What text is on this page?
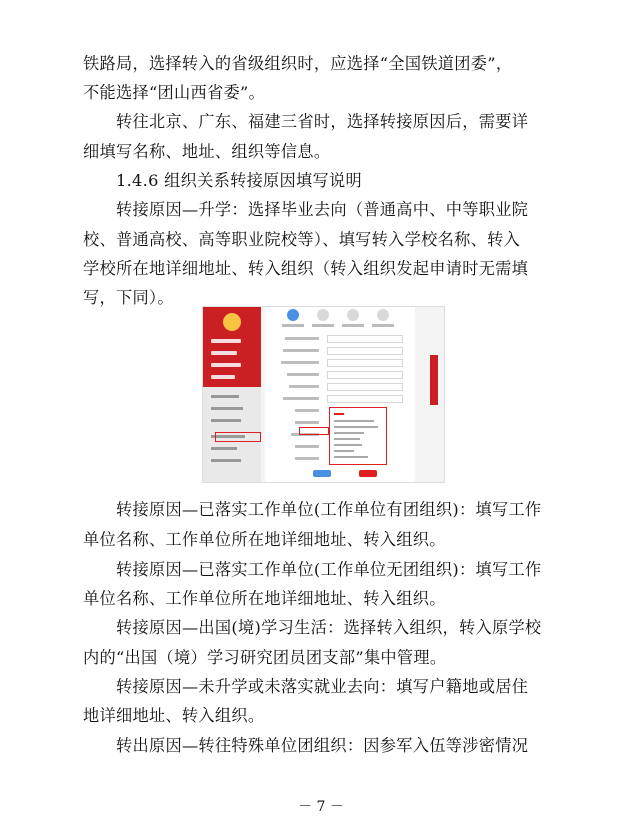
铁路局，选择转入的省级组织时，应选择“全国铁道团委”，
不能选择“团山西省委”。
转往北京、广东、福建三省时，选择转接原因后，需要详
细填写名称、地址、组织等信息。
1.4.6 组织关系转接原因填写说明
转接原因—升学：选择毕业去向（普通高中、中等职业院
校、普通高校、高等职业院校等）、填写转入学校名称、转入
学校所在地详细地址、转入组织（转入组织发起申请时无需填
写，下同）。
转接原因—已落实工作单位(工作单位有团组织)：填写工作
单位名称、工作单位所在地详细地址、转入组织。
转接原因—已落实工作单位(工作单位无团组织)：填写工作
单位名称、工作单位所在地详细地址、转入组织。
转接原因—出国(境)学习生活：选择转入组织，转入原学校
内的“出国（境）学习研究团员团支部”集中管理。
转接原因—未升学或未落实就业去向：填写户籍地或居住
地详细地址、转入组织。
转出原因—转往特殊单位团组织：因参军入伍等涉密情况
－ 7 －
